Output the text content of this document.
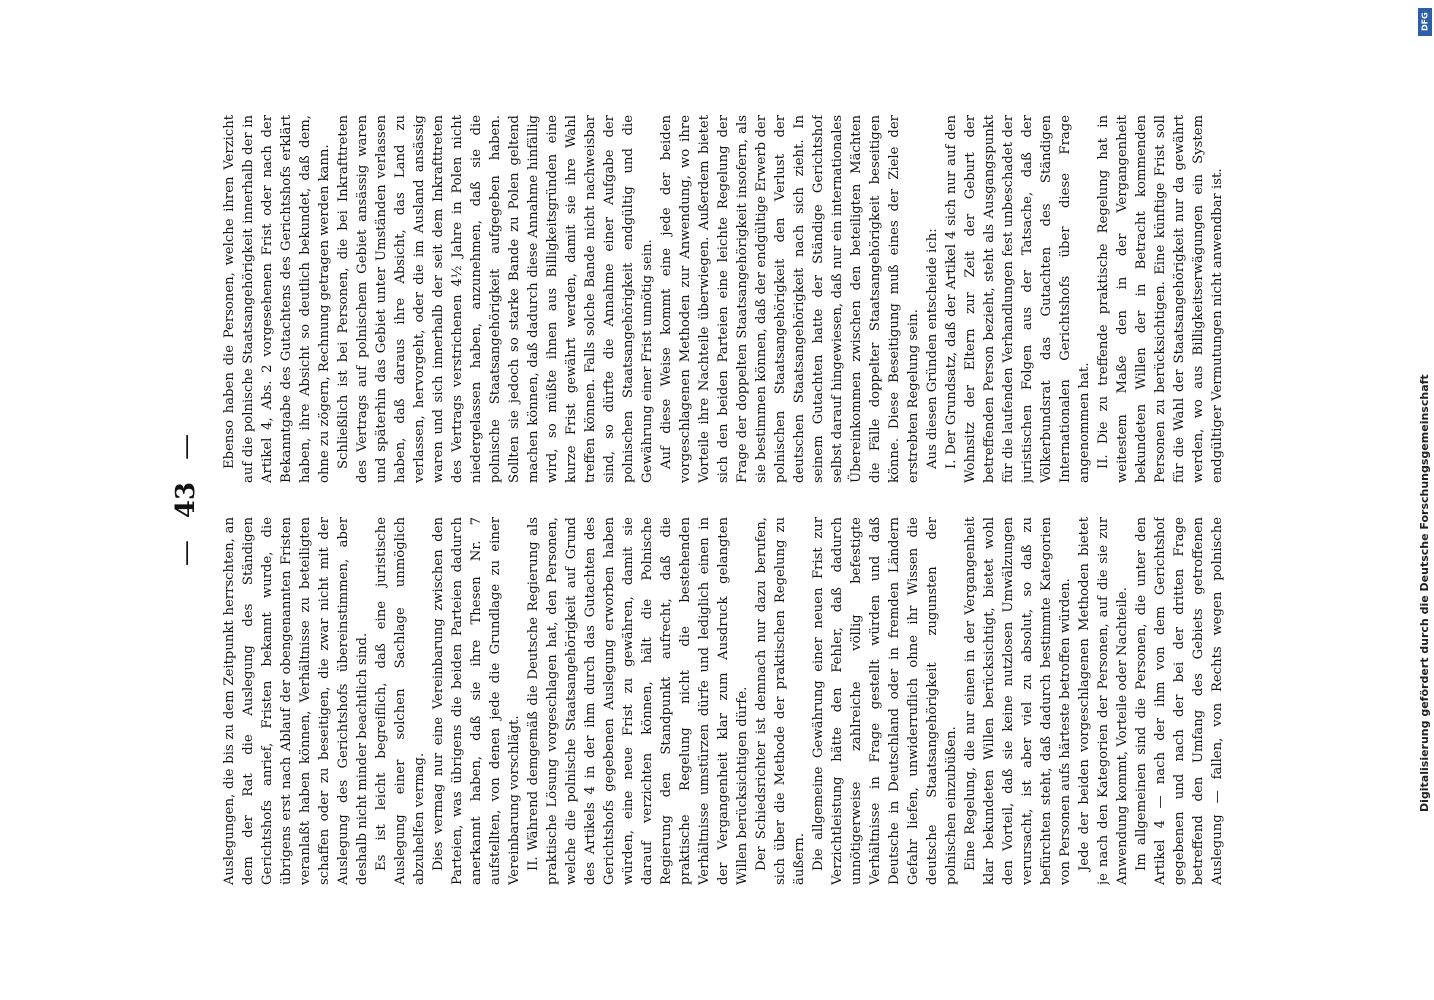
—
43
—

Auslegungen, die bis zu dem Zeitpunkt herrschten, an dem der Rat die Auslegung des Ständigen Gerichtshofs anrief, Fristen bekannt wurde, die übrigens erst nach Ablauf der obengenannten Fristen veranlaßt haben können, Verhältnisse zu beteiligten schaffen oder zu beseitigen, die zwar nicht mit der Auslegung des Gerichtshofs übereinstimmen, aber deshalb nicht minder beachtlich sind. Es ist leicht begreiflich, daß eine juristische Auslegung einer solchen Sachlage unmöglich abzuhelfen vermag. Dies vermag nur eine Vereinbarung zwischen den Parteien, was übrigens die beiden Parteien dadurch anerkannt haben, daß sie ihre Thesen Nr. 7 aufstellten, von denen jede die Grundlage zu einer Vereinbarung vorschlägt. II. Während demgemäß die Deutsche Regierung als praktische Lösung vorgeschlagen hat, den Personen, welche die polnische Staatsangehörigkeit auf Grund des Artikels 4 in der ihm durch das Gutachten des Gerichtshofs gegebenen Auslegung erworben haben würden, eine neue Frist zu gewähren, damit sie darauf verzichten können, hält die Polnische Regierung den Standpunkt aufrecht, daß die praktische Regelung nicht die bestehenden Verhältnisse umstürzen dürfe und lediglich einen in der Vergangenheit klar zum Ausdruck gelangten Willen berücksichtigen dürfe. Der Schiedsrichter ist demnach nur dazu berufen, sich über die Methode der praktischen Regelung zu äußern. Die allgemeine Gewährung einer neuen Frist zur Verzichtleistung hätte den Fehler, daß dadurch unnötigerweise zahlreiche völlig befestigte Verhältnisse in Frage gestellt würden und daß Deutsche in Deutschland oder in fremden Ländern Gefahr liefen, unwiderruflich ohne ihr Wissen die deutsche Staatsangehörigkeit zugunsten der polnischen einzubüßen. Eine Regelung, die nur einen in der Vergangenheit klar bekundeten Willen berücksichtigt, bietet wohl den Vorteil, daß sie keine nutzlosen Umwälzungen verursacht, ist aber viel zu absolut, so daß zu befürchten steht, daß dadurch bestimmte Kategorien von Personen aufs härteste betroffen würden. Jede der beiden vorgeschlagenen Methoden bietet je nach den Kategorien der Personen, auf die sie zur Anwendung kommt, Vorteile oder Nachteile. Im allgemeinen sind die Personen, die unter den Artikel 4 — nach der ihm von dem Gerichtshof gegebenen und nach der bei der dritten Frage betreffend den Umfang des Gebiets getroffenen Auslegung — fallen, von Rechts wegen polnische

Ebenso haben die Personen, welche ihren Verzicht auf die polnische Staatsangehörigkeit innerhalb der in Artikel 4, Abs. 2 vorgesehenen Frist oder nach der Bekanntgabe des Gutachtens des Gerichtshofs erklärt haben, ihre Absicht so deutlich bekundet, daß dem, ohne zu zögern, Rechnung getragen werden kann. Schließlich ist bei Personen, die bei Inkrafttreten des Vertrags auf polnischem Gebiet ansässig waren und späterhin das Gebiet unter Umständen verlassen haben, daß daraus ihre Absicht, das Land zu verlassen, hervorgeht, oder die im Ausland ansässig waren und sich innerhalb der seit dem Inkrafttreten des Vertrags verstrichenen 4½ Jahre in Polen nicht niedergelassen haben, anzunehmen, daß sie die polnische Staatsangehörigkeit aufgegeben haben. Sollten sie jedoch so starke Bande zu Polen geltend machen können, daß dadurch diese Annahme hinfällig wird, so müßte ihnen aus Billigkeitsgründen eine kurze Frist gewährt werden, damit sie ihre Wahl treffen können. Falls solche Bande nicht nachweisbar sind, so dürfte die Annahme einer Aufgabe der polnischen Staatsangehörigkeit endgültig und die Gewährung einer Frist unnötig sein. Auf diese Weise kommt eine jede der beiden vorgeschlagenen Methoden zur Anwendung, wo ihre Vorteile ihre Nachteile überwiegen. Außerdem bietet sich den beiden Parteien eine leichte Regelung der Frage der doppelten Staatsangehörigkeit insofern, als sie bestimmen können, daß der endgültige Erwerb der polnischen Staatsangehörigkeit den Verlust der deutschen Staatsangehörigkeit nach sich zieht. In seinem Gutachten hatte der Ständige Gerichtshof selbst darauf hingewiesen, daß nur ein internationales Übereinkommen zwischen den beteiligten Mächten die Fälle doppelter Staatsangehörigkeit beseitigen könne. Diese Beseitigung muß eines der Ziele der erstrebten Regelung sein. Aus diesen Gründen entscheide ich: I. Der Grundsatz, daß der Artikel 4 sich nur auf den Wohnsitz der Eltern zur Zeit der Geburt der betreffenden Person bezieht, steht als Ausgangspunkt für die laufenden Verhandlungen fest unbeschadet der juristischen Folgen aus der Tatsache, daß der Völkerbundsrat das Gutachten des Ständigen Internationalen Gerichtshofs über diese Frage angenommen hat. II. Die zu treffende praktische Regelung hat in weitestem Maße den in der Vergangenheit bekundeten Willen der in Betracht kommenden Personen zu berücksichtigen. Eine künftige Frist soll für die Wahl der Staatsangehörigkeit nur da gewährt werden, wo aus Billigkeitserwägungen ein System endgültiger Vermutungen nicht anwendbar ist.

DFG
Digitalisierung gefördert durch die Deutsche Forschungsgemeinschaft
